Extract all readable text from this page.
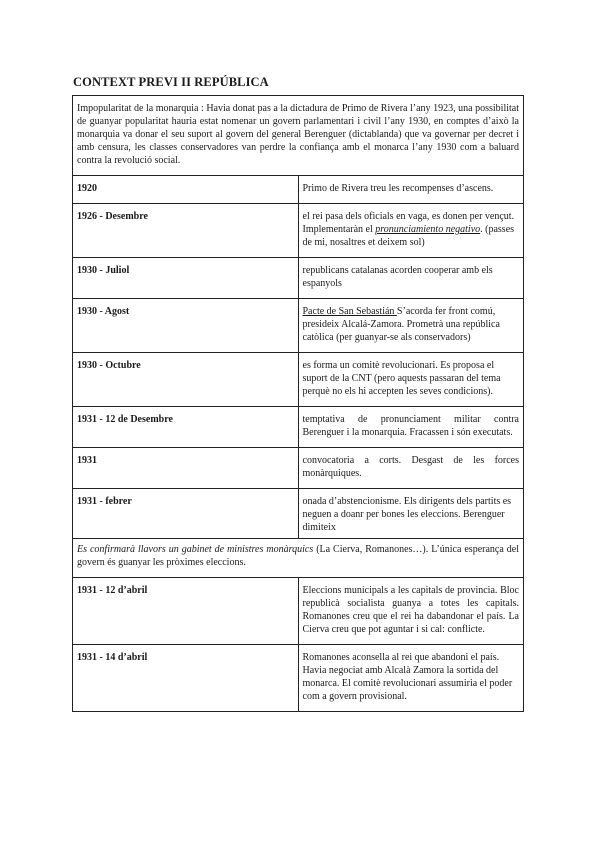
CONTEXT PREVI II REPÚBLICA
Impopularitat de la monarquia : Havia donat pas a la dictadura de Primo de Rivera l’any 1923, una possibilitat de guanyar popularitat hauria estat nomenar un govern parlamentari i civil l’any 1930, en comptes d’això la monarquia va donar el seu suport al govern del general Berenguer (dictablanda) que va governar per decret i amb censura, les classes conservadores van perdre la confiança amb el monarca l’any 1930 com a baluard contra la revolució social.	
1920	Primo de Rivera treu les recompenses d’ascens.
1926 - Desembre	el rei pasa dels oficials en vaga, es donen per vençut. Implementaràn el pronunciamiento negativo. (passes de mi, nosaltres et deixem sol)
1930 - Juliol	republicans catalanas acorden cooperar amb els espanyols
1930 - Agost	Pacte de San Sebastián S’acorda fer front comú, presideix Alcalá-Zamora. Prometrà una república catòlica (per guanyar-se als conservadors)
1930 - Octubre	es forma un comitè revolucionari. Es proposa el suport de la CNT (pero aquests passaran del tema perquè no els hi accepten les seves condicions).
1931 - 12 de Desembre	temptativa de pronunciament militar contra Berenguer i la monarquia. Fracassen i són executats.
1931	convocatoria a corts. Desgast de les forces monàrquiques.
1931 - febrer	onada d’abstencionisme. Els dirigents dels partits es neguen a doanr per bones les eleccions. Berenguer dimiteix
Es confirmarà llavors un gabinet de ministres monàrquics (La Cierva, Romanones…). L’única esperança del govern és guanyar les pròximes eleccions.	
1931 - 12 d’abril	Eleccions municipals a les capitals de provincia. Bloc republicà socialista guanya a totes les capitals. Romanones creu que el rei ha dabandonar el país. La Cierva creu que pot aguntar i si cal: conflicte.
1931 - 14 d’abril	Romanones aconsella al rei que abandoni el país. Havia negociat amb Alcalà Zamora la sortida del monarca. El comitè revolucionari assumiria el poder com a govern provisional.
